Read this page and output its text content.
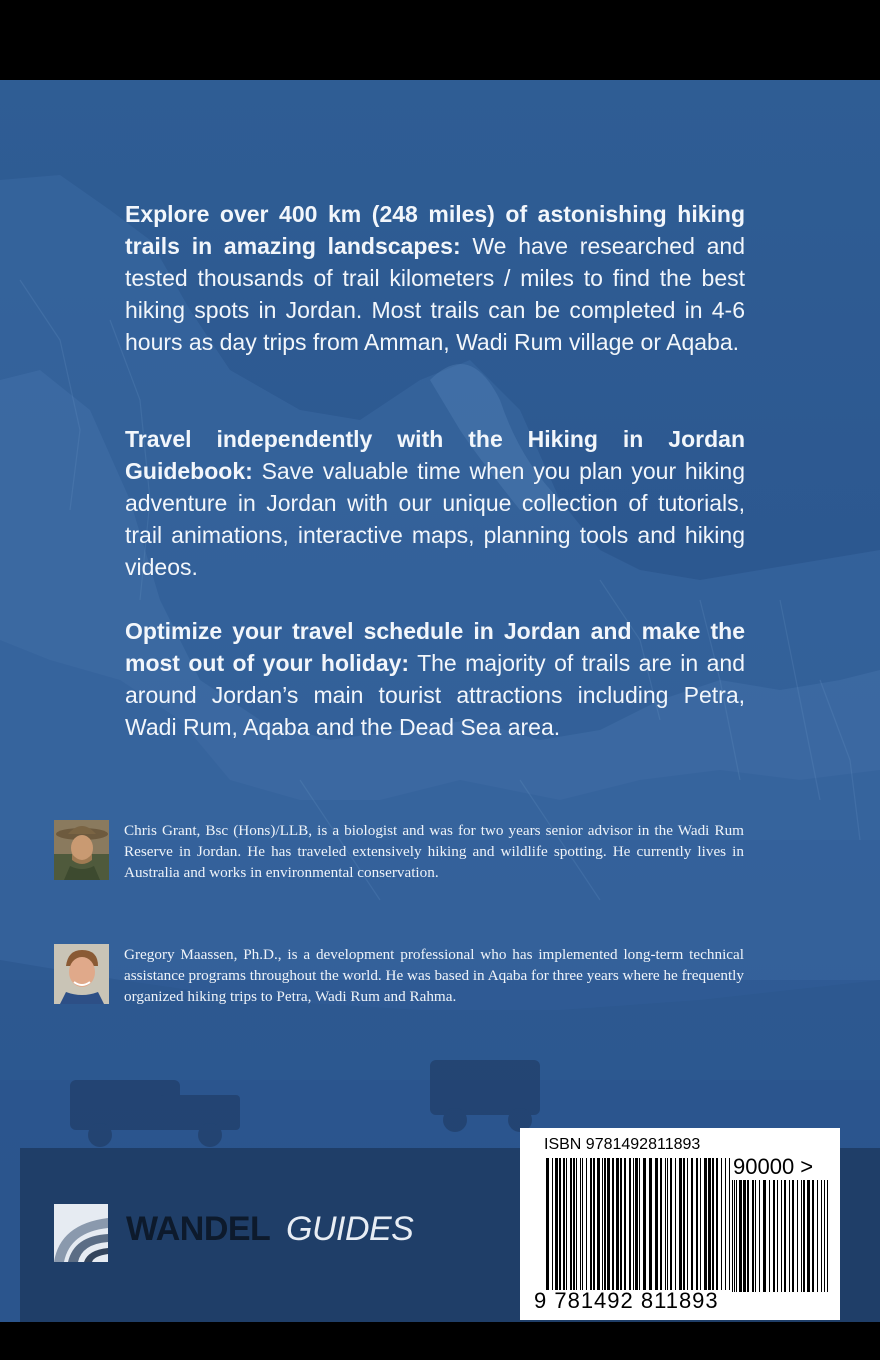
Explore over 400 km (248 miles) of astonishing hiking trails in amazing landscapes: We have researched and tested thousands of trail kilometers / miles to find the best hiking spots in Jordan. Most trails can be completed in 4-6 hours as day trips from Amman, Wadi Rum village or Aqaba.

Travel independently with the Hiking in Jordan Guidebook: Save valuable time when you plan your hiking adventure in Jordan with our unique collection of tutorials, trail animations, interactive maps, planning tools and hiking videos.

Optimize your travel schedule in Jordan and make the most out of your holiday: The majority of trails are in and around Jordan’s main tourist attractions including Petra, Wadi Rum, Aqaba and the Dead Sea area.

Chris Grant, Bsc (Hons)/LLB, is a biologist and was for two years senior advisor in the Wadi Rum Reserve in Jordan. He has traveled extensively hiking and wildlife spotting. He currently lives in Australia and works in environmental conservation.

Gregory Maassen, Ph.D., is a development professional who has implemented long-term technical assistance programs throughout the world. He was based in Aqaba for three years where he frequently organized hiking trips to Petra, Wadi Rum and Rahma.

WANDEL GUIDES
ISBN 9781492811893
90000 >
9 781492 811893
